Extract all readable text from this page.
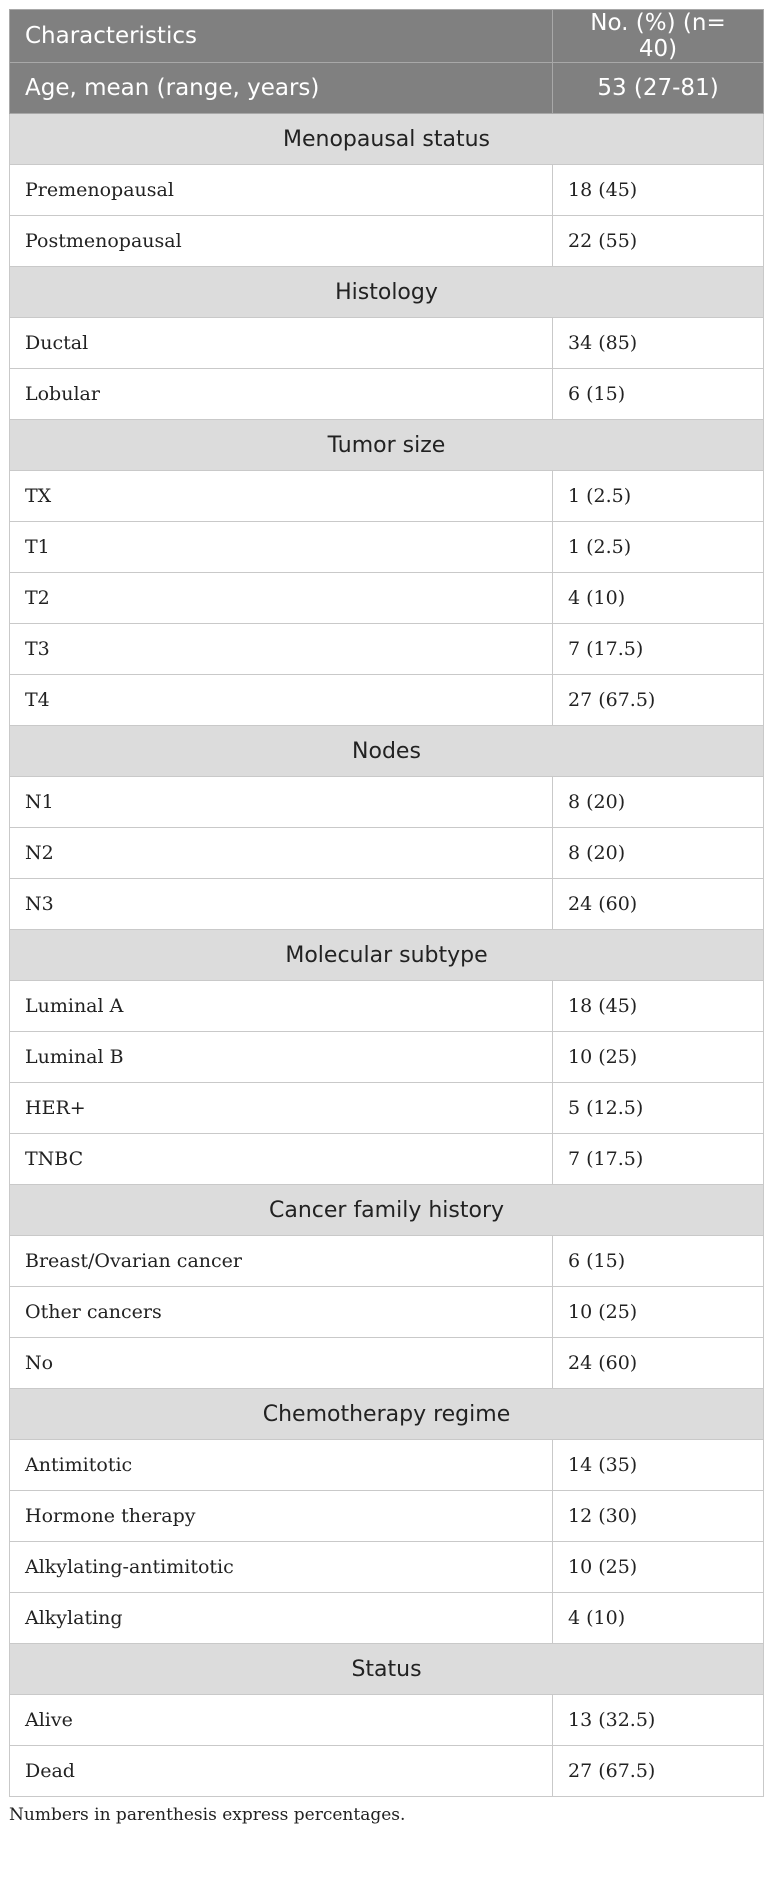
Characteristics	No. (%) (n= 40)
Age, mean (range, years)	53 (27-81)
Menopausal status	
Premenopausal	18 (45)
Postmenopausal	22 (55)
Histology	
Ductal	34 (85)
Lobular	6 (15)
Tumor size	
TX	1 (2.5)
T1	1 (2.5)
T2	4 (10)
T3	7 (17.5)
T4	27 (67.5)
Nodes	
N1	8 (20)
N2	8 (20)
N3	24 (60)
Molecular subtype	
Luminal A	18 (45)
Luminal B	10 (25)
HER+	5 (12.5)
TNBC	7 (17.5)
Cancer family history	
Breast/Ovarian cancer	6 (15)
Other cancers	10 (25)
No	24 (60)
Chemotherapy regime	
Antimitotic	14 (35)
Hormone therapy	12 (30)
Alkylating-antimitotic	10 (25)
Alkylating	4 (10)
Status	
Alive	13 (32.5)
Dead	27 (67.5)
Numbers in parenthesis express percentages.
